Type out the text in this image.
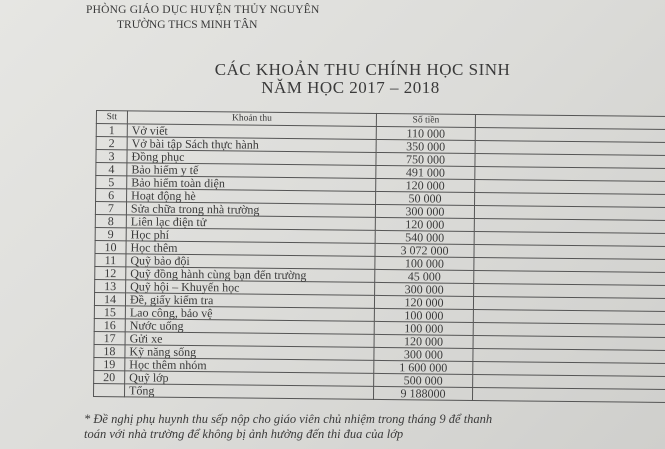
PHÒNG GIÁO DỤC HUYỆN THỦY NGUYÊN
TRƯỜNG THCS MINH TÂN
CÁC KHOẢN THU CHÍNH HỌC SINH
NĂM HỌC 2017 – 2018
Stt	Khoản thu	Số tiền	
1	Vở viết	110 000	
2	Vở bài tập Sách thực hành	350 000	
3	Đồng phục	750 000	
4	Bảo hiểm y tế	491 000	
5	Bảo hiểm toàn diện	120 000	
6	Hoạt động hè	50 000	
7	Sửa chữa trong nhà trường	300 000	
8	Liên lạc điện tử	120 000	
9	Học phí	540 000	
10	Học thêm	3 072 000	
11	Quỹ bảo đội	100 000	
12	Quỹ đồng hành cùng bạn đến trường	45 000	
13	Quỹ hội – Khuyến học	300 000	
14	Đề, giấy kiểm tra	120 000	
15	Lao công, bảo vệ	100 000	
16	Nước uống	100 000	
17	Gửi xe	120 000	
18	Kỹ năng sống	300 000	
19	Học thêm nhóm	1 600 000	
20	Quỹ lớp	500 000	
	Tổng	9 188000	
* Đề nghị phụ huynh thu sếp nộp cho giáo viên chủ nhiệm trong tháng 9 để thanh
toán với nhà trường để không bị ảnh hưởng đến thi đua của lớp
